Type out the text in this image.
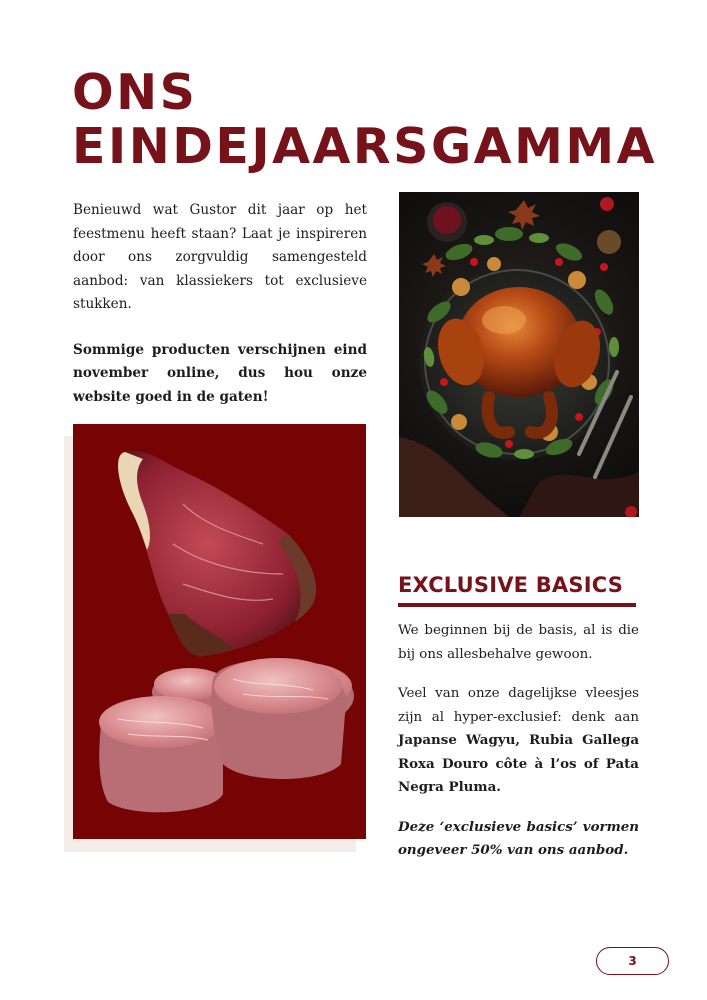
ONS
EINDEJAARSGAMMA

Benieuwd wat Gustor dit jaar op het feestmenu heeft staan? Laat je inspireren door ons zorgvuldig samengesteld aanbod: van klassiekers tot exclusieve stukken.

Sommige producten verschijnen eind november online, dus hou onze website goed in de gaten!

EXCLUSIVE BASICS

We beginnen bij de basis, al is die bij ons allesbehalve gewoon.

Veel van onze dagelijkse vleesjes zijn al hyper-exclusief: denk aan Japanse Wagyu, Rubia Gallega Roxa Douro côte à l’os of Pata Negra Pluma.

Deze ‘exclusieve basics’ vormen ongeveer 50% van ons aanbod.

3
